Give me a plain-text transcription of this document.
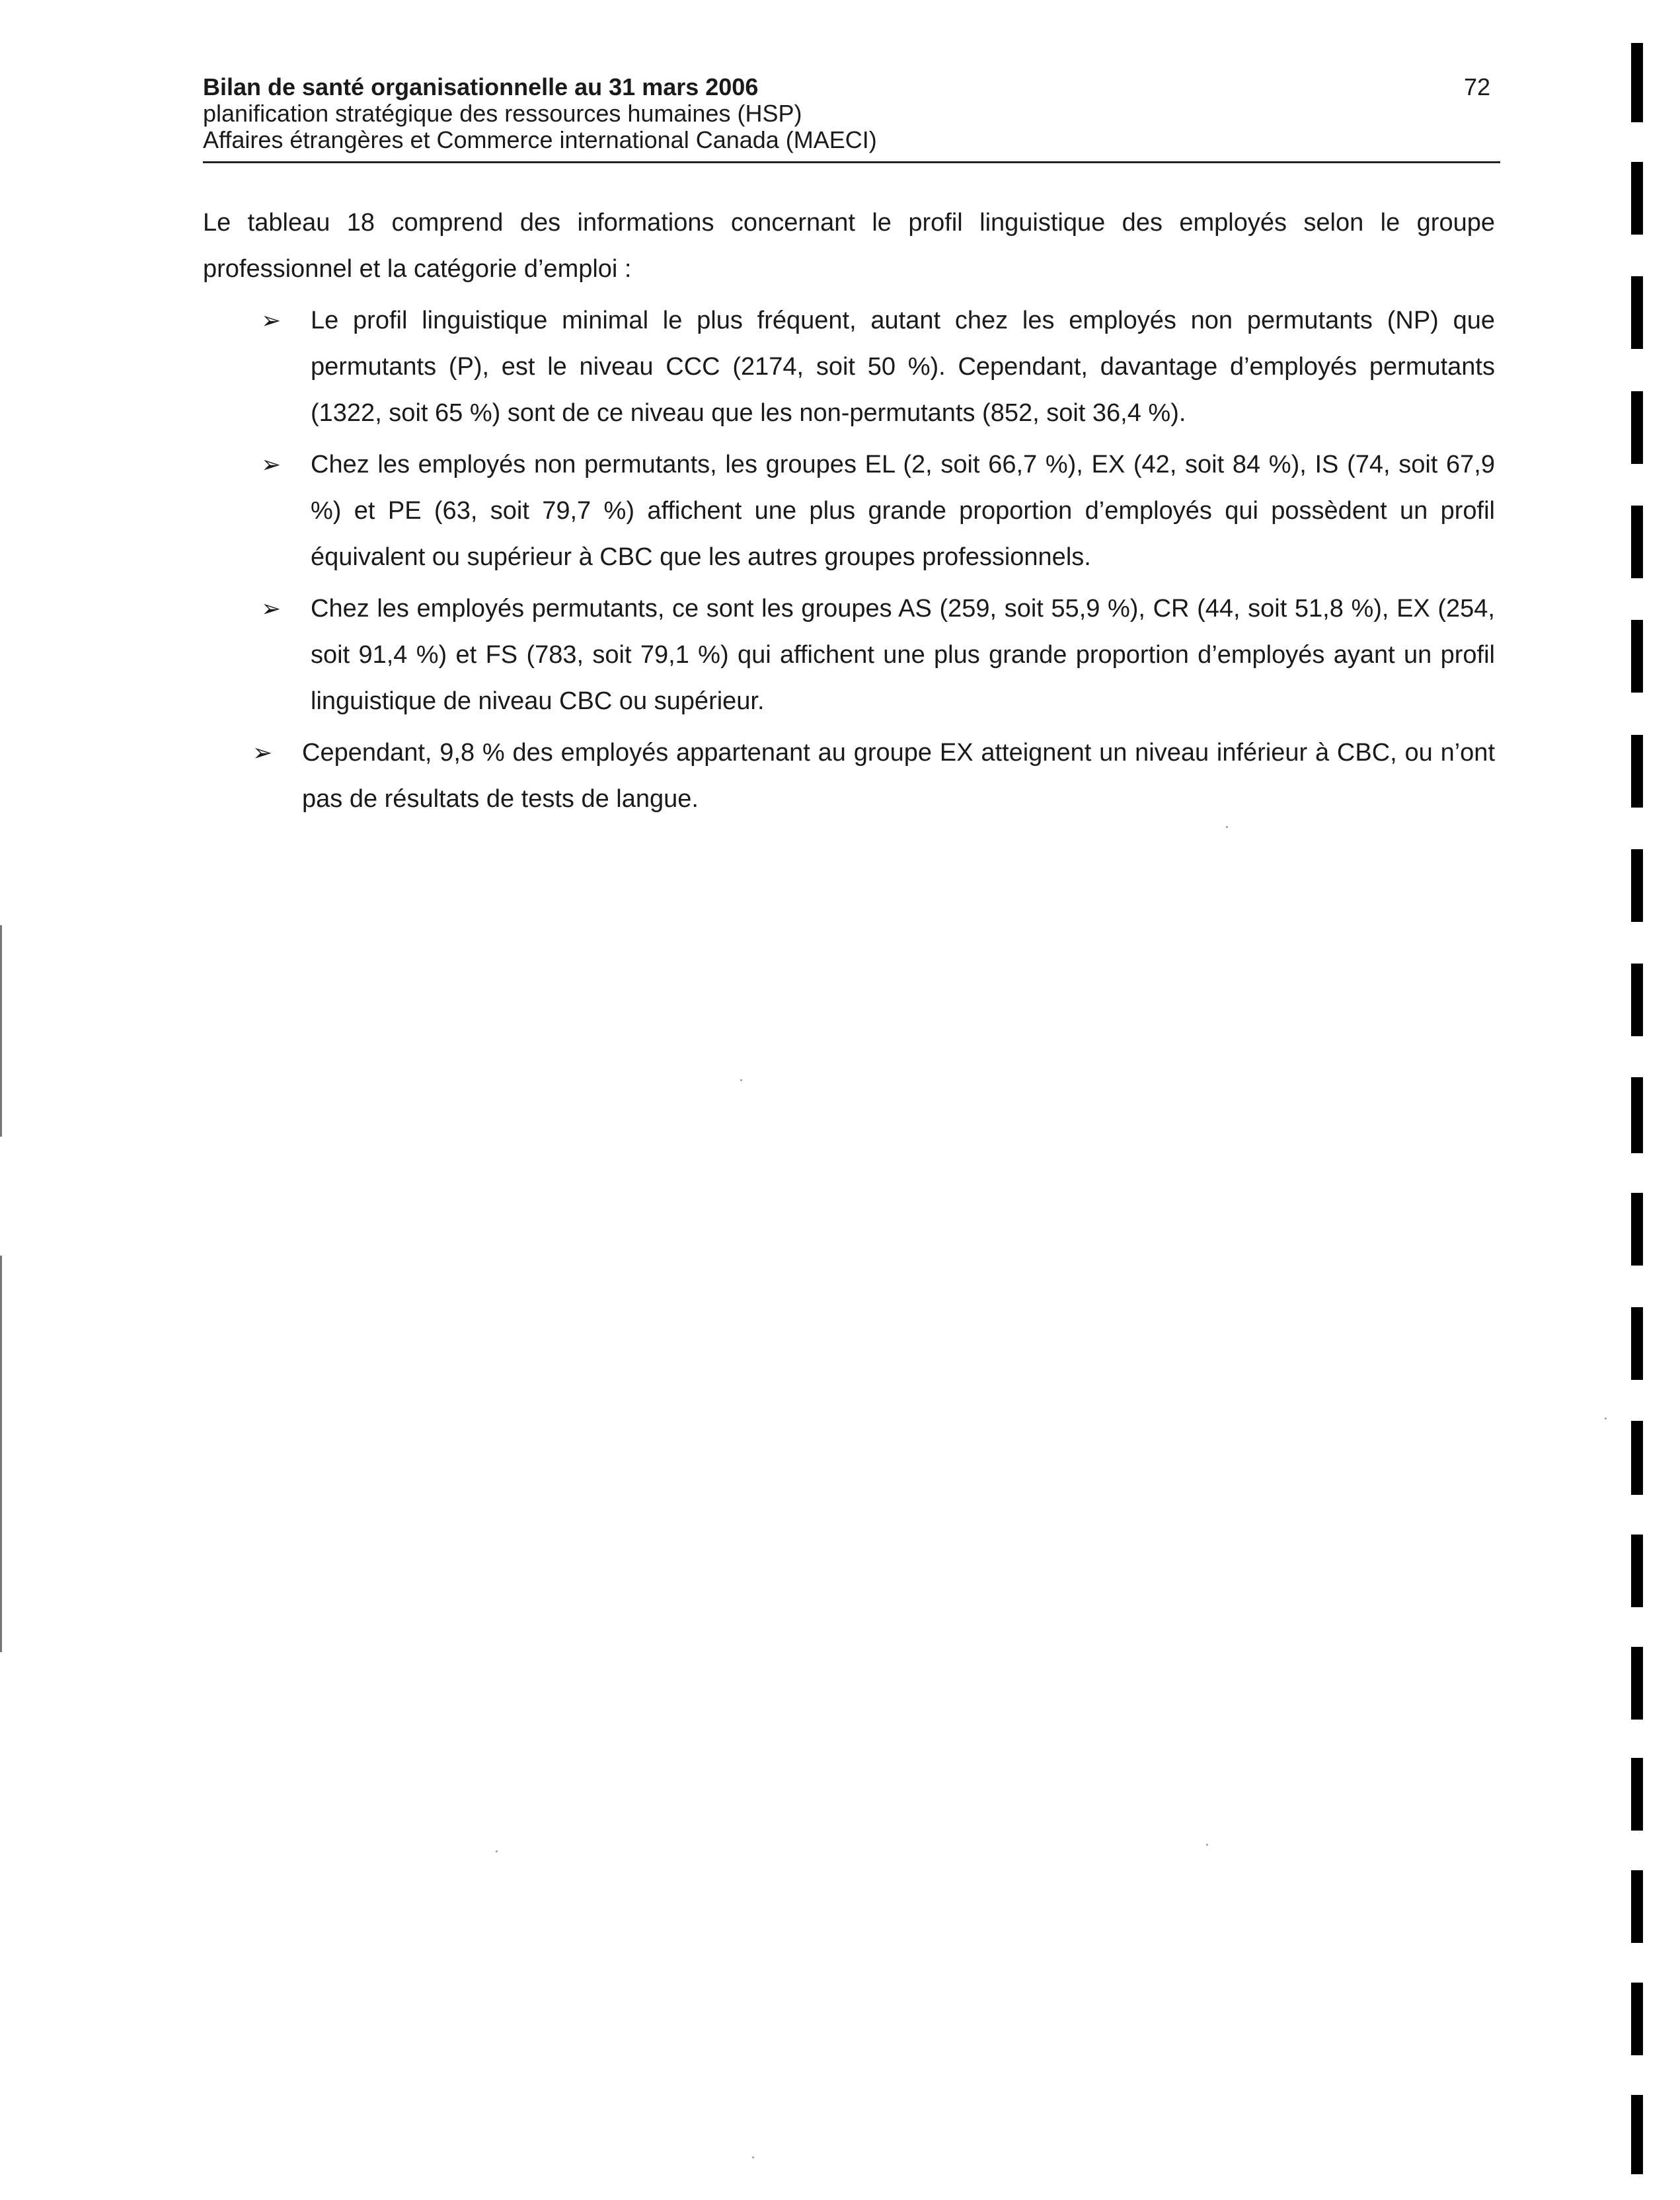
Bilan de santé organisationnelle au 31 mars 2006
planification stratégique des ressources humaines (HSP)
Affaires étrangères et Commerce international Canada (MAECI)
72

Le tableau 18 comprend des informations concernant le profil linguistique des employés selon le groupe professionnel et la catégorie d’emploi :

➢ Le profil linguistique minimal le plus fréquent, autant chez les employés non permutants (NP) que permutants (P), est le niveau CCC (2174, soit 50 %). Cependant, davantage d’employés permutants (1322, soit 65 %) sont de ce niveau que les non-permutants (852, soit 36,4 %).
➢ Chez les employés non permutants, les groupes EL (2, soit 66,7 %), EX (42, soit 84 %), IS (74, soit 67,9 %) et PE (63, soit 79,7 %) affichent une plus grande proportion d’employés qui possèdent un profil équivalent ou supérieur à CBC que les autres groupes professionnels.
➢ Chez les employés permutants, ce sont les groupes AS (259, soit 55,9 %), CR (44, soit 51,8 %), EX (254, soit 91,4 %) et FS (783, soit 79,1 %) qui affichent une plus grande proportion d’employés ayant un profil linguistique de niveau CBC ou supérieur.
➢ Cependant, 9,8 % des employés appartenant au groupe EX atteignent un niveau inférieur à CBC, ou n’ont pas de résultats de tests de langue.
